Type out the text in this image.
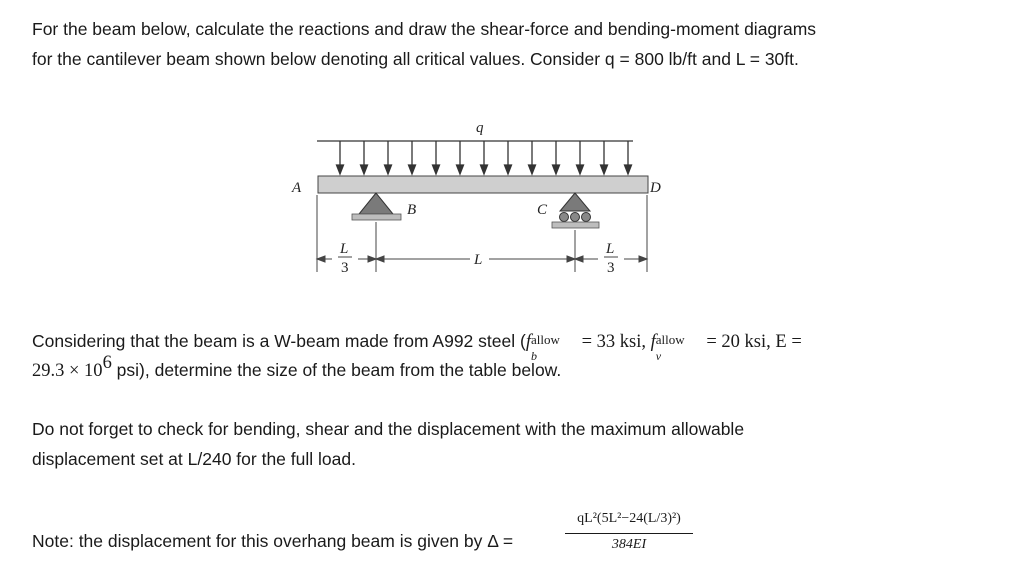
For the beam below, calculate the reactions and draw the shear-force and bending-moment diagrams
for the cantilever beam shown below denoting all critical values. Consider q = 800 lb/ft and L = 30ft.
q
A	D
B	C
L
3	L
L
3
Considering that the beam is a W-beam made from A992 steel (f allow
b
= 33 ksi, f allow
v
= 20 ksi, E =
$29.3 \times 10^6$ psi), determine the size of the beam from the table below.
Do not forget to check for bending, shear and the displacement with the maximum allowable
displacement set at L/240 for the full load.
Note: the displacement for this overhang beam is given by Δ =
qL²(5L²−24(L/3)²)
384EI
